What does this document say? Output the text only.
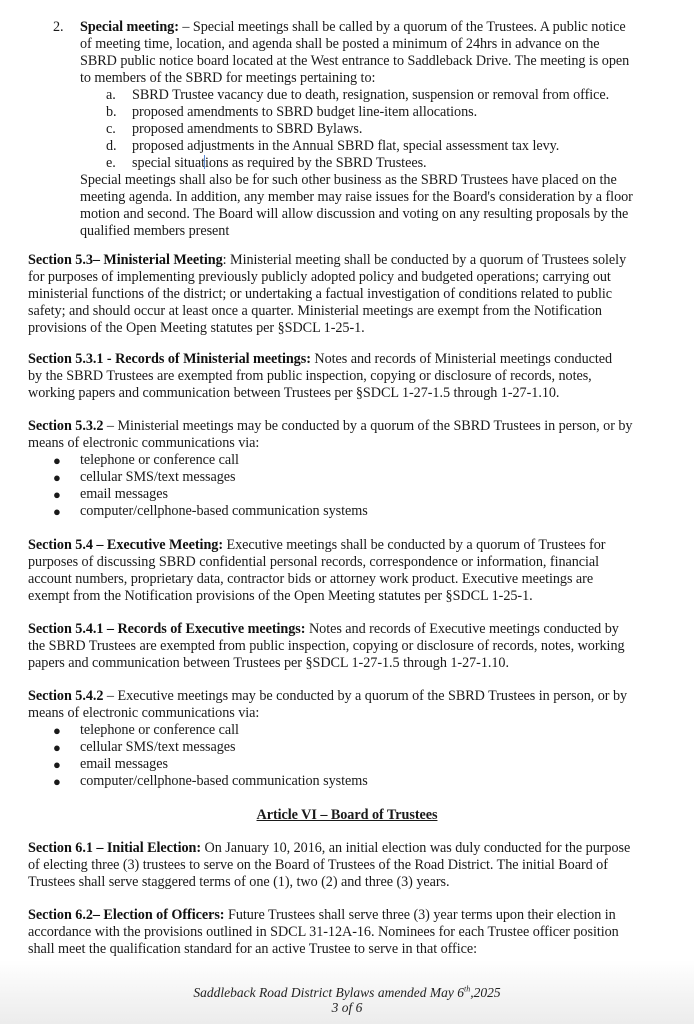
2. Special meeting: – Special meetings shall be called by a quorum of the Trustees. A public notice
of meeting time, location, and agenda shall be posted a minimum of 24hrs in advance on the
SBRD public notice board located at the West entrance to Saddleback Drive. The meeting is open
to members of the SBRD for meetings pertaining to:
a. SBRD Trustee vacancy due to death, resignation, suspension or removal from office.
b. proposed amendments to SBRD budget line-item allocations.
c. proposed amendments to SBRD Bylaws.
d. proposed adjustments in the Annual SBRD flat, special assessment tax levy.
e. special situations as required by the SBRD Trustees.
Special meetings shall also be for such other business as the SBRD Trustees have placed on the
meeting agenda. In addition, any member may raise issues for the Board's consideration by a floor
motion and second. The Board will allow discussion and voting on any resulting proposals by the
qualified members present
Section 5.3– Ministerial Meeting: Ministerial meeting shall be conducted by a quorum of Trustees solely
for purposes of implementing previously publicly adopted policy and budgeted operations; carrying out
ministerial functions of the district; or undertaking a factual investigation of conditions related to public
safety; and should occur at least once a quarter. Ministerial meetings are exempt from the Notification
provisions of the Open Meeting statutes per §SDCL 1-25-1.
Section 5.3.1 - Records of Ministerial meetings: Notes and records of Ministerial meetings conducted
by the SBRD Trustees are exempted from public inspection, copying or disclosure of records, notes,
working papers and communication between Trustees per §SDCL 1-27-1.5 through 1-27-1.10.
Section 5.3.2 – Ministerial meetings may be conducted by a quorum of the SBRD Trustees in person, or by
means of electronic communications via:
● telephone or conference call
● cellular SMS/text messages
● email messages
● computer/cellphone-based communication systems
Section 5.4 – Executive Meeting: Executive meetings shall be conducted by a quorum of Trustees for
purposes of discussing SBRD confidential personal records, correspondence or information, financial
account numbers, proprietary data, contractor bids or attorney work product. Executive meetings are
exempt from the Notification provisions of the Open Meeting statutes per §SDCL 1-25-1.
Section 5.4.1 – Records of Executive meetings: Notes and records of Executive meetings conducted by
the SBRD Trustees are exempted from public inspection, copying or disclosure of records, notes, working
papers and communication between Trustees per §SDCL 1-27-1.5 through 1-27-1.10.
Section 5.4.2 – Executive meetings may be conducted by a quorum of the SBRD Trustees in person, or by
means of electronic communications via:
● telephone or conference call
● cellular SMS/text messages
● email messages
● computer/cellphone-based communication systems
Article VI – Board of Trustees
Section 6.1 – Initial Election: On January 10, 2016, an initial election was duly conducted for the purpose
of electing three (3) trustees to serve on the Board of Trustees of the Road District. The initial Board of
Trustees shall serve staggered terms of one (1), two (2) and three (3) years.
Section 6.2– Election of Officers: Future Trustees shall serve three (3) year terms upon their election in
accordance with the provisions outlined in SDCL 31-12A-16. Nominees for each Trustee officer position
shall meet the qualification standard for an active Trustee to serve in that office:
Saddleback Road District Bylaws amended May 6th,2025
3 of 6
